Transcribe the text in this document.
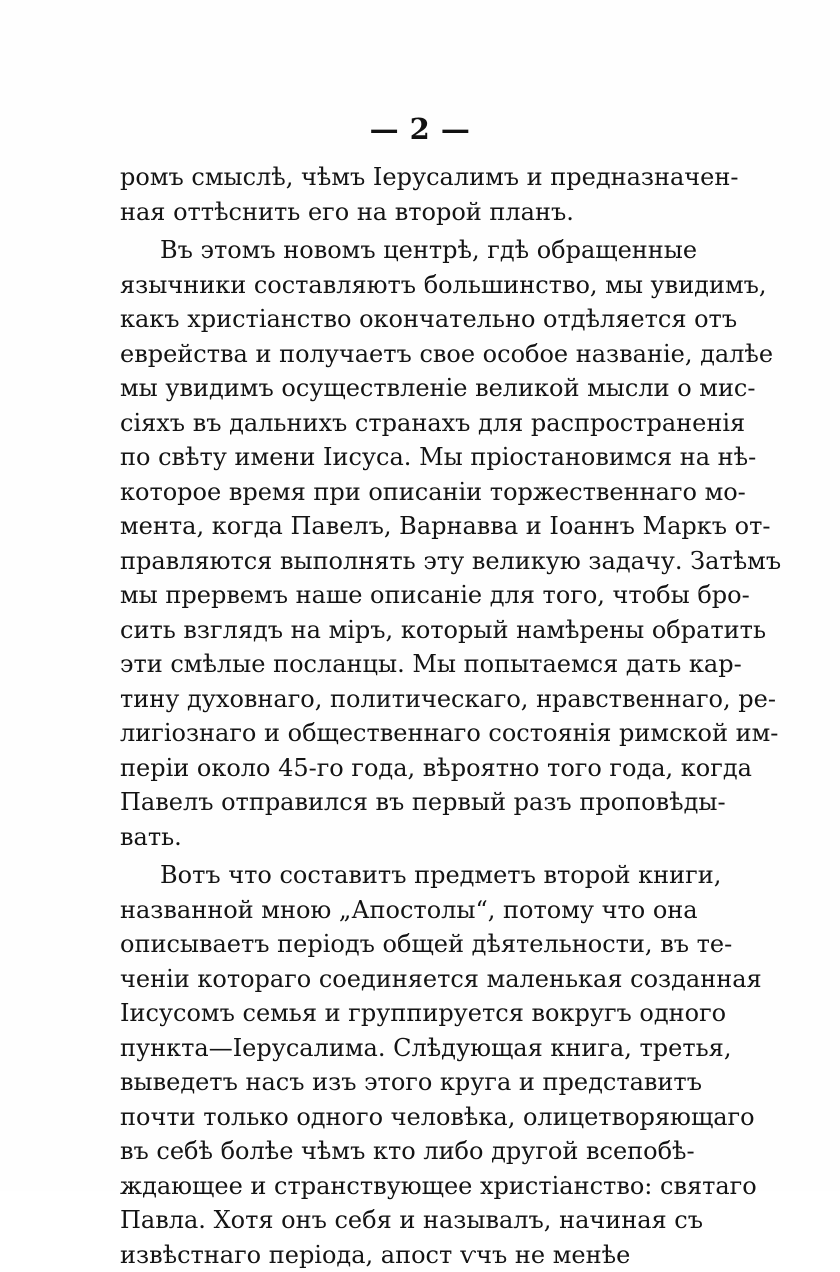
— 2 —
ромъ смыслѣ, чѣмъ Іерусалимъ и предназначен-
ная оттѣснить его на второй планъ.
Въ этомъ новомъ центрѣ, гдѣ обращенные
язычники составляютъ большинство, мы увидимъ,
какъ христіанство окончательно отдѣляется отъ
еврейства и получаетъ свое особое названіе, далѣе
мы увидимъ осуществленіе великой мысли о мис-
сіяхъ въ дальнихъ странахъ для распространенія
по свѣту имени Іисуса. Мы пріостановимся на нѣ-
которое время при описаніи торжественнаго мо-
мента, когда Павелъ, Варнавва и Іоаннъ Маркъ от-
правляются выполнять эту великую задачу. Затѣмъ
мы прервемъ наше описаніе для того, чтобы бро-
сить взглядъ на міръ, который намѣрены обратить
эти смѣлые посланцы. Мы попытаемся дать кар-
тину духовнаго, политическаго, нравственнаго, ре-
лигіознаго и общественнаго состоянія римской им-
періи около 45-го года, вѣроятно того года, когда
Павелъ отправился въ первый разъ проповѣды-
вать.
Вотъ что составитъ предметъ второй книги,
названной мною „Апостолы“, потому что она
описываетъ періодъ общей дѣятельности, въ те-
ченіи котораго соединяется маленькая созданная
Іисусомъ семья и группируется вокругъ одного
пункта—Іерусалима. Слѣдующая книга, третья,
выведетъ насъ изъ этого круга и представитъ
почти только одного человѣка, олицетворяющаго
въ себѣ болѣе чѣмъ кто либо другой всепобѣ-
ждающее и странствующее христіанство: святаго
Павла. Хотя онъ себя и называлъ, начиная съ
извѣстнаго періода, апост ѵчъ не менѣе
